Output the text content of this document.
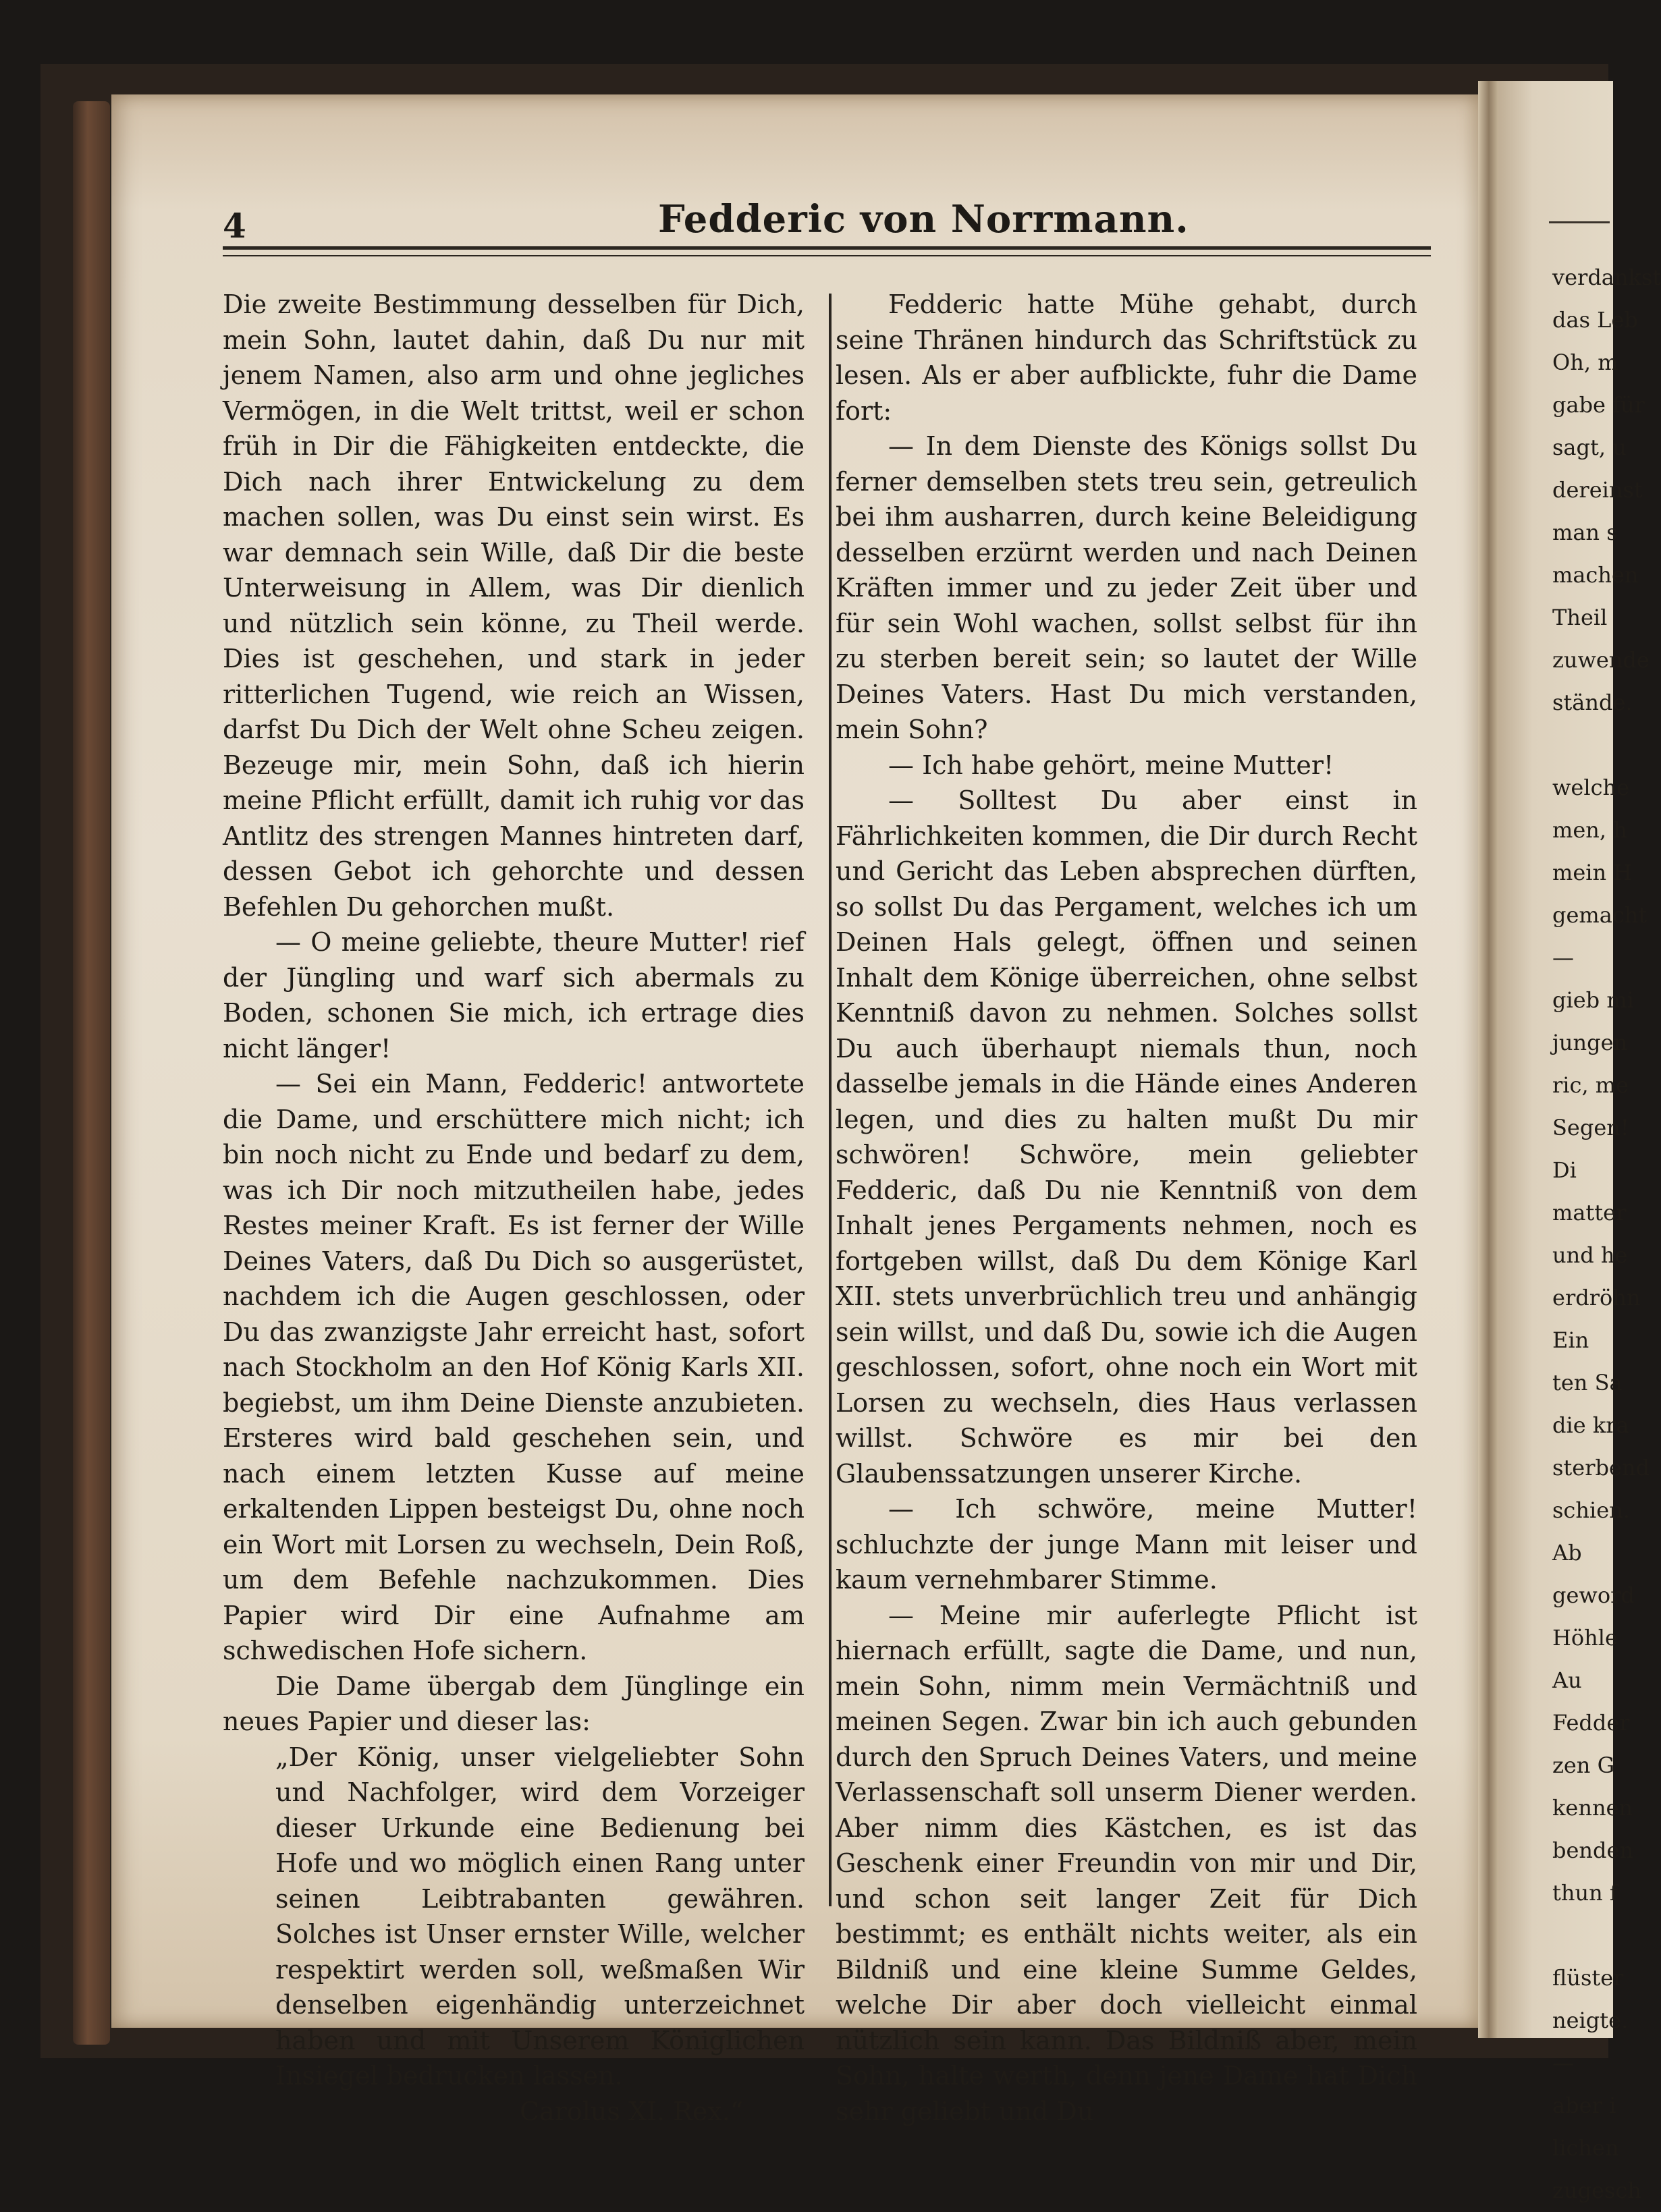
4	Fedderic von Norrmann.

Die zweite Bestimmung desselben für Dich, mein Sohn, lautet dahin, daß Du nur mit jenem Namen, also arm und ohne jegliches Vermögen, in die Welt trittst, weil er schon früh in Dir die Fähigkeiten entdeckte, die Dich nach ihrer Entwickelung zu dem machen sollen, was Du einst sein wirst. Es war demnach sein Wille, daß Dir die beste Unterweisung in Allem, was Dir dienlich und nützlich sein könne, zu Theil werde. Dies ist geschehen, und stark in jeder ritterlichen Tugend, wie reich an Wissen, darfst Du Dich der Welt ohne Scheu zeigen. Bezeuge mir, mein Sohn, daß ich hierin meine Pflicht erfüllt, damit ich ruhig vor das Antlitz des strengen Mannes hintreten darf, dessen Gebot ich gehorchte und dessen Befehlen Du gehorchen mußt.

— O meine geliebte, theure Mutter! rief der Jüngling und warf sich abermals zu Boden, schonen Sie mich, ich ertrage dies nicht länger!

— Sei ein Mann, Fedderic! antwortete die Dame, und erschüttere mich nicht; ich bin noch nicht zu Ende und bedarf zu dem, was ich Dir noch mitzutheilen habe, jedes Restes meiner Kraft. Es ist ferner der Wille Deines Vaters, daß Du Dich so ausgerüstet, nachdem ich die Augen geschlossen, oder Du das zwanzigste Jahr erreicht hast, sofort nach Stockholm an den Hof König Karls XII. begiebst, um ihm Deine Dienste anzubieten. Ersteres wird bald geschehen sein, und nach einem letzten Kusse auf meine erkaltenden Lippen besteigst Du, ohne noch ein Wort mit Lorsen zu wechseln, Dein Roß, um dem Befehle nachzukommen. Dies Papier wird Dir eine Aufnahme am schwedischen Hofe sichern.

Die Dame übergab dem Jünglinge ein neues Papier und dieser las:

„Der König, unser vielgeliebter Sohn und Nachfolger, wird dem Vorzeiger dieser Urkunde eine Bedienung bei Hofe und wo möglich einen Rang unter seinen Leibtrabanten gewähren. Solches ist Unser ernster Wille, welcher respektirt werden soll, weßmaßen Wir denselben eigenhändig unterzeichnet haben und mit Unserem Königlichen Insiegel bedrucken lassen.

Carolus XI. Rex.“

Fedderic hatte Mühe gehabt, durch seine Thränen hindurch das Schriftstück zu lesen. Als er aber aufblickte, fuhr die Dame fort:

— In dem Dienste des Königs sollst Du ferner demselben stets treu sein, getreulich bei ihm ausharren, durch keine Beleidigung desselben erzürnt werden und nach Deinen Kräften immer und zu jeder Zeit über und für sein Wohl wachen, sollst selbst für ihn zu sterben bereit sein; so lautet der Wille Deines Vaters. Hast Du mich verstanden, mein Sohn?

— Ich habe gehört, meine Mutter!

— Solltest Du aber einst in Fährlichkeiten kommen, die Dir durch Recht und Gericht das Leben absprechen dürften, so sollst Du das Pergament, welches ich um Deinen Hals gelegt, öffnen und seinen Inhalt dem Könige überreichen, ohne selbst Kenntniß davon zu nehmen. Solches sollst Du auch überhaupt niemals thun, noch dasselbe jemals in die Hände eines Anderen legen, und dies zu halten mußt Du mir schwören! Schwöre, mein geliebter Fedderic, daß Du nie Kenntniß von dem Inhalt jenes Pergaments nehmen, noch es fortgeben willst, daß Du dem Könige Karl XII. stets unverbrüchlich treu und anhängig sein willst, und daß Du, sowie ich die Augen geschlossen, sofort, ohne noch ein Wort mit Lorsen zu wechseln, dies Haus verlassen willst. Schwöre es mir bei den Glaubenssatzungen unserer Kirche.

— Ich schwöre, meine Mutter! schluchzte der junge Mann mit leiser und kaum vernehmbarer Stimme.

— Meine mir auferlegte Pflicht ist hiernach erfüllt, sagte die Dame, und nun, mein Sohn, nimm mein Vermächtniß und meinen Segen. Zwar bin ich auch gebunden durch den Spruch Deines Vaters, und meine Verlassenschaft soll unserm Diener werden. Aber nimm dies Kästchen, es ist das Geschenk einer Freundin von mir und Dir, und schon seit langer Zeit für Dich bestimmt; es enthält nichts weiter, als ein Bildniß und eine kleine Summe Geldes, welche Dir aber doch vielleicht einmal nützlich sein kann. Das Bildniß aber, mein Sohn, halte werth, denn jene Dame hat Dich sehr geliebt und Du

verdankst
das Leb
Oh, m
gabe für
sagt, u
dereinst
man s
machen
Theil
zuwende
stände.

welche
men, h
mein H
gemacht
—
gieb mi
jungen
ric, me
Segen!
Di
matter
und he
erdröhn
Ein
ten Sa
die kra
sterbend
schien.
Ab
geword
Höhle
Au
Fedder
zen G
kennen
benden
thun f

flüster
neigte.
—
aber i
lichen
zugesch
